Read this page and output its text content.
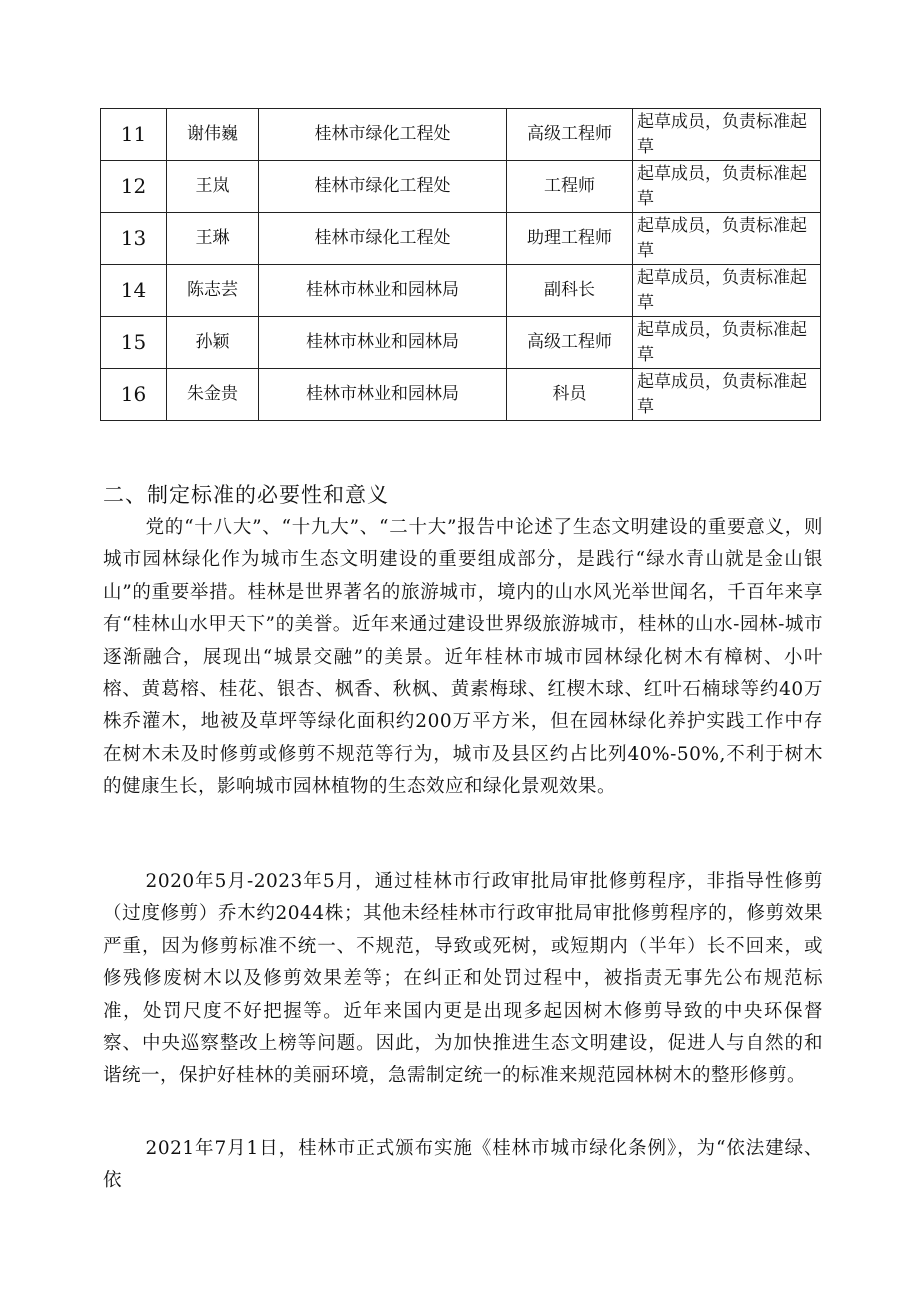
11	谢伟巍	桂林市绿化工程处	高级工程师	起草成员，负责标准起草
12	王岚	桂林市绿化工程处	工程师	起草成员，负责标准起草
13	王琳	桂林市绿化工程处	助理工程师	起草成员，负责标准起草
14	陈志芸	桂林市林业和园林局	副科长	起草成员，负责标准起草
15	孙颖	桂林市林业和园林局	高级工程师	起草成员，负责标准起草
16	朱金贵	桂林市林业和园林局	科员	起草成员，负责标准起草
二、制定标准的必要性和意义

党的“十八大”、“十九大”、“二十大”报告中论述了生态文明建设的重要意义，则城市园林绿化作为城市生态文明建设的重要组成部分，是践行“绿水青山就是金山银山”的重要举措。桂林是世界著名的旅游城市，境内的山水风光举世闻名，千百年来享有“桂林山水甲天下”的美誉。近年来通过建设世界级旅游城市，桂林的山水-园林-城市逐渐融合，展现出“城景交融”的美景。近年桂林市城市园林绿化树木有樟树、小叶榕、黄葛榕、桂花、银杏、枫香、秋枫、黄素梅球、红楔木球、红叶石楠球等约40万株乔灌木，地被及草坪等绿化面积约200万平方米，但在园林绿化养护实践工作中存在树木未及时修剪或修剪不规范等行为，城市及县区约占比列40%-50%,不利于树木的健康生长，影响城市园林植物的生态效应和绿化景观效果。

2020年5月-2023年5月，通过桂林市行政审批局审批修剪程序，非指导性修剪（过度修剪）乔木约2044株；其他未经桂林市行政审批局审批修剪程序的，修剪效果严重，因为修剪标准不统一、不规范，导致或死树，或短期内（半年）长不回来，或修残修废树木以及修剪效果差等；在纠正和处罚过程中，被指责无事先公布规范标准，处罚尺度不好把握等。近年来国内更是出现多起因树木修剪导致的中央环保督察、中央巡察整改上榜等问题。因此，为加快推进生态文明建设，促进人与自然的和谐统一，保护好桂林的美丽环境，急需制定统一的标准来规范园林树木的整形修剪。

2021年7月1日，桂林市正式颁布实施《桂林市城市绿化条例》，为“依法建绿、依
